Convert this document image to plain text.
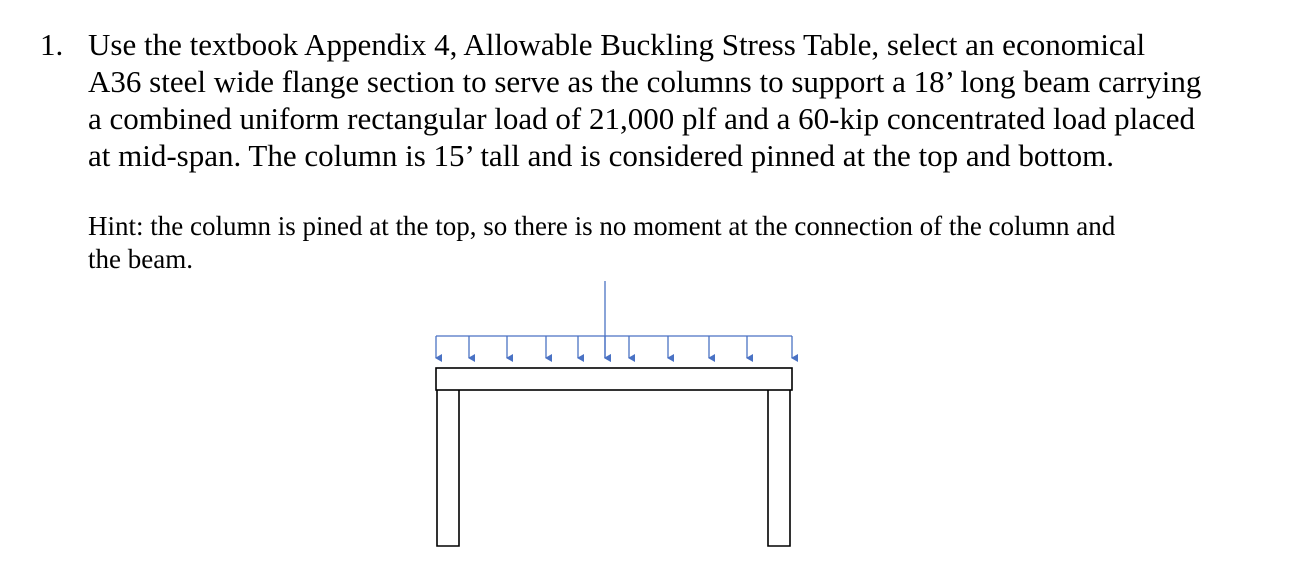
1. Use the textbook Appendix 4, Allowable Buckling Stress Table, select an economical
A36 steel wide flange section to serve as the columns to support a 18’ long beam carrying
a combined uniform rectangular load of 21,000 plf and a 60-kip concentrated load placed
at mid-span. The column is 15’ tall and is considered pinned at the top and bottom.

Hint: the column is pined at the top, so there is no moment at the connection of the column and
the beam.
